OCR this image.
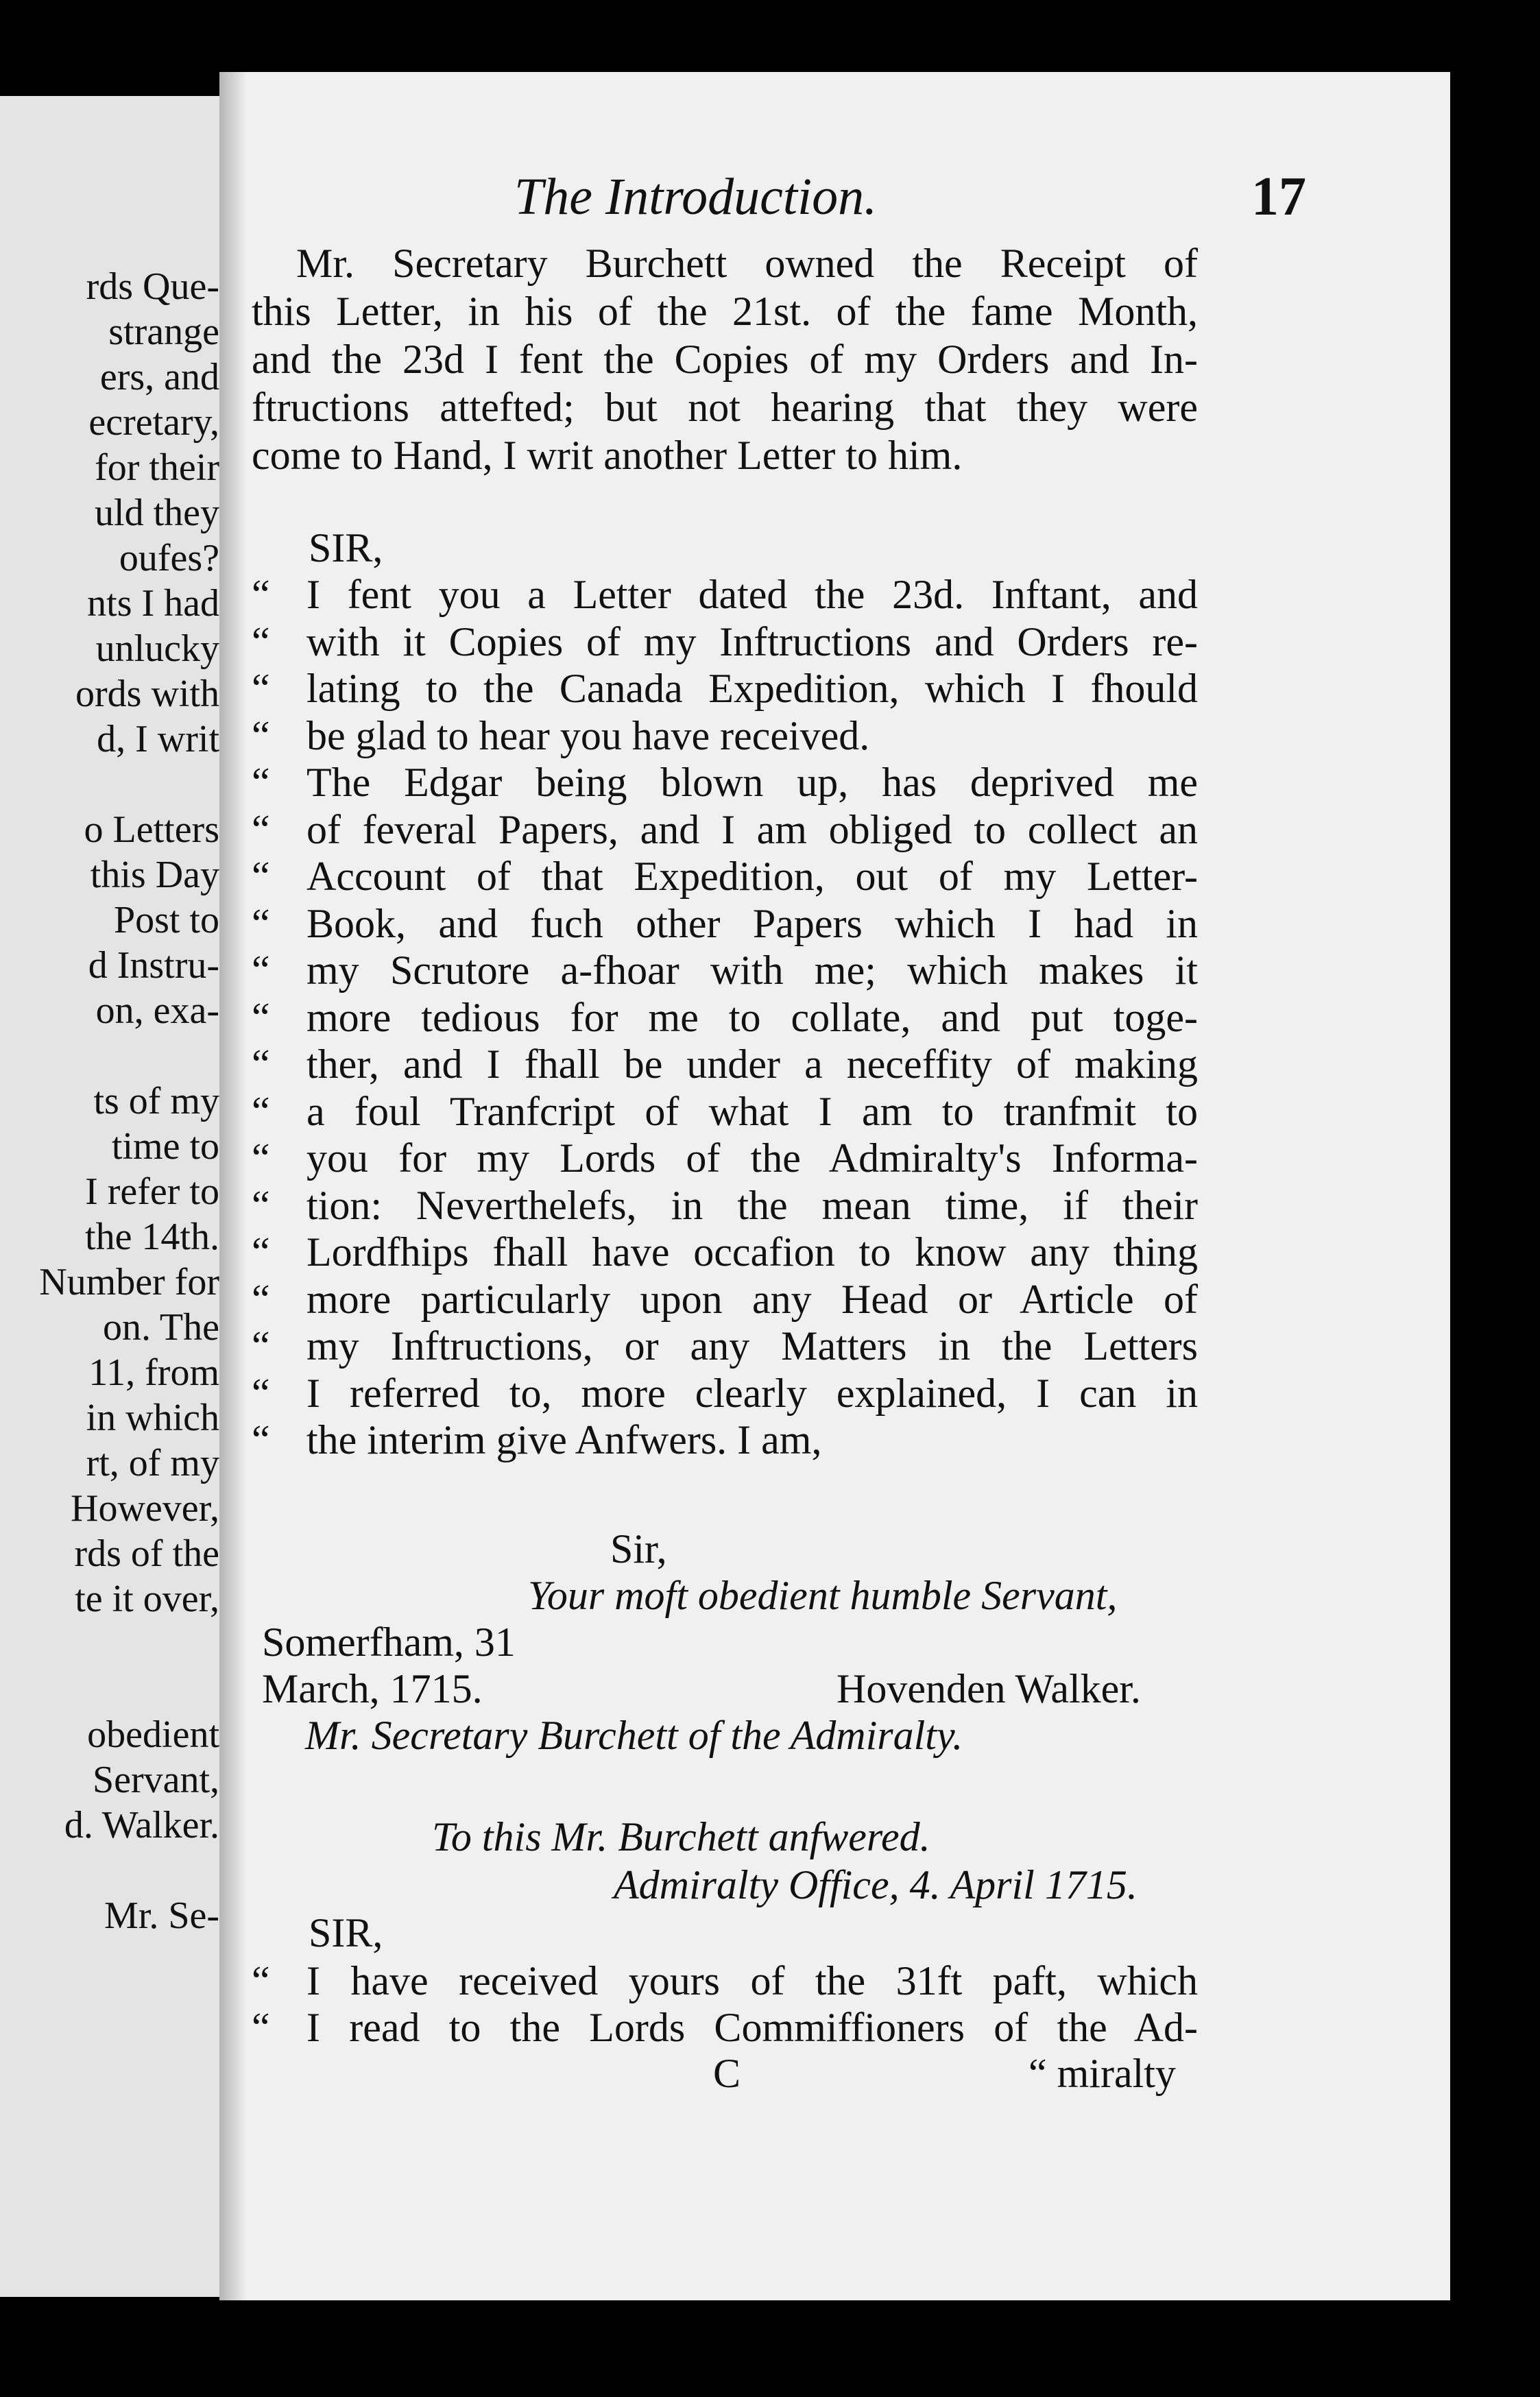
rds Que-
strange
ers, and
ecretary,
for their
uld they
oufes?
nts I had
unlucky
ords with
d, I writ
o Letters
this Day
Post to
d Instru-
on, exa-
ts of my
time to
I refer to
the 14th.
Number for
on. The
11, from
in which
rt, of my
However,
rds of the
te it over,
obedient
Servant,
d. Walker.
Mr. Se-
The Introduction.	17
Mr. Secretary Burchett owned the Receipt of
this Letter, in his of the 21st. of the fame Month,
and the 23d I fent the Copies of my Orders and In-
ftructions attefted; but not hearing that they were
come to Hand, I writ another Letter to him.
SIR,
“ I fent you a Letter dated the 23d. Inftant, and
“ with it Copies of my Inftructions and Orders re-
“ lating to the Canada Expedition, which I fhould
“ be glad to hear you have received.
“ The Edgar being blown up, has deprived me
“ of feveral Papers, and I am obliged to collect an
“ Account of that Expedition, out of my Letter-
“ Book, and fuch other Papers which I had in
“ my Scrutore a-fhoar with me; which makes it
“ more tedious for me to collate, and put toge-
“ ther, and I fhall be under a neceffity of making
“ a foul Tranfcript of what I am to tranfmit to
“ you for my Lords of the Admiralty's Informa-
“ tion: Neverthelefs, in the mean time, if their
“ Lordfhips fhall have occafion to know any thing
“ more particularly upon any Head or Article of
“ my Inftructions, or any Matters in the Letters
“ I referred to, more clearly explained, I can in
“ the interim give Anfwers. I am,
Sir,
Your moft obedient humble Servant,
Somerfham, 31
March, 1715.	Hovenden Walker.
Mr. Secretary Burchett of the Admiralty.
To this Mr. Burchett anfwered.
Admiralty Office, 4. April 1715.
SIR,
“ I have received yours of the 31ft paft, which
“ I read to the Lords Commiffioners of the Ad-
C	“ miralty
